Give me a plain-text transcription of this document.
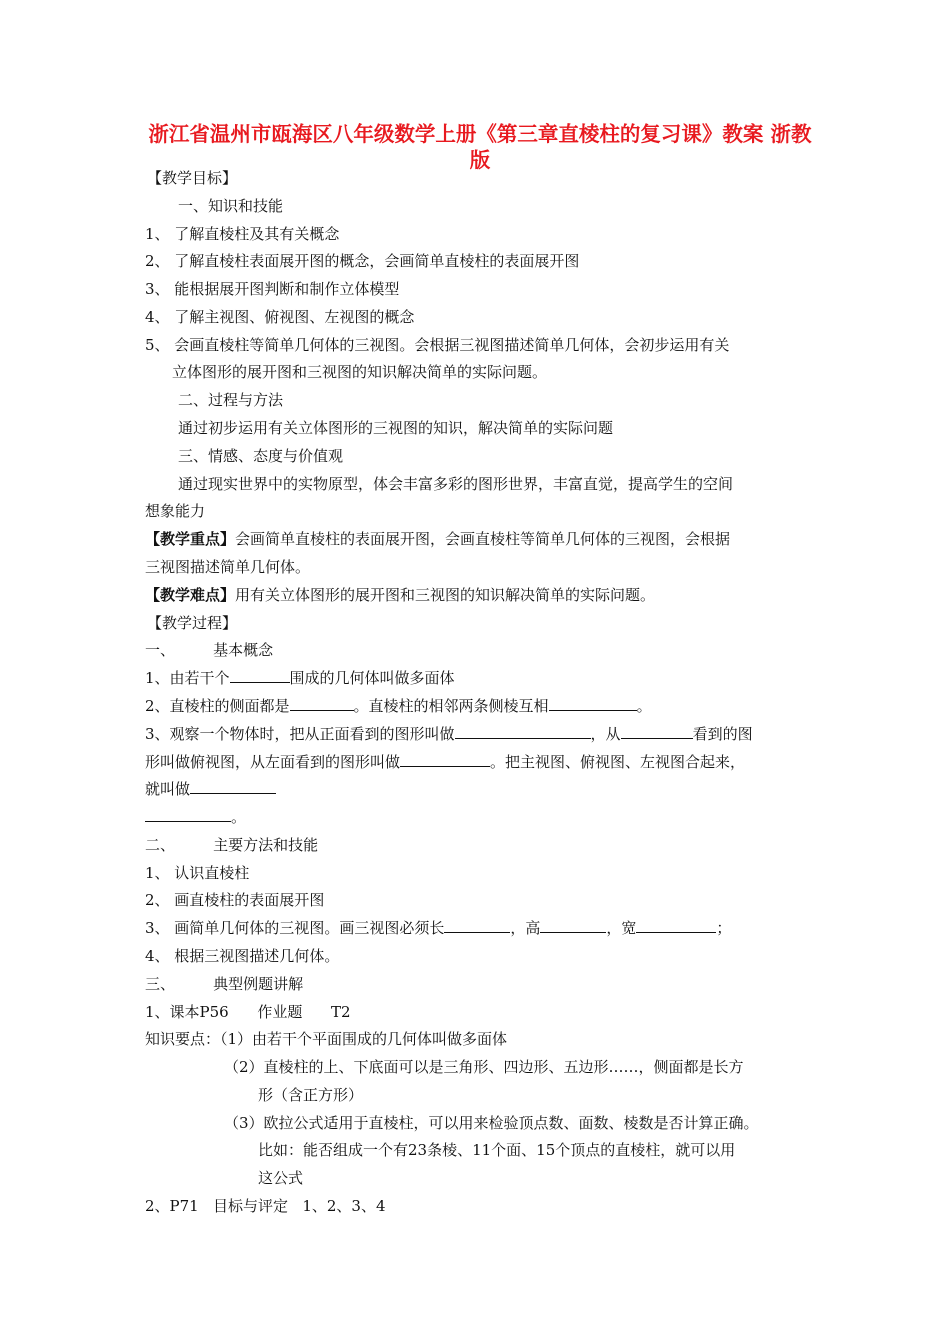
浙江省温州市瓯海区八年级数学上册《第三章直棱柱的复习课》教案 浙教版
【教学目标】
一、知识和技能
1、 了解直棱柱及其有关概念
2、 了解直棱柱表面展开图的概念，会画简单直棱柱的表面展开图
3、 能根据展开图判断和制作立体模型
4、 了解主视图、俯视图、左视图的概念
5、 会画直棱柱等简单几何体的三视图。会根据三视图描述简单几何体，会初步运用有关
立体图形的展开图和三视图的知识解决简单的实际问题。
二、过程与方法
通过初步运用有关立体图形的三视图的知识，解决简单的实际问题
三、情感、态度与价值观
通过现实世界中的实物原型，体会丰富多彩的图形世界，丰富直觉，提高学生的空间
想象能力
【教学重点】会画简单直棱柱的表面展开图，会画直棱柱等简单几何体的三视图，会根据
三视图描述简单几何体。
【教学难点】用有关立体图形的展开图和三视图的知识解决简单的实际问题。
【教学过程】
一、        基本概念
1、由若干个	围成的几何体叫做多面体
2、直棱柱的侧面都是	。直棱柱的相邻两条侧棱互相	。
3、观察一个物体时，把从正面看到的图形叫做	，从	看到的图
形叫做俯视图，从左面看到的图形叫做	。把主视图、俯视图、左视图合起来，
就叫做
。
二、        主要方法和技能
1、 认识直棱柱
2、 画直棱柱的表面展开图
3、 画简单几何体的三视图。画三视图必须长	，高	，宽	；
4、 根据三视图描述几何体。
三、        典型例题讲解
1、课本P56      作业题      T2
知识要点：（1）由若干个平面围成的几何体叫做多面体
（2）直棱柱的上、下底面可以是三角形、四边形、五边形……，侧面都是长方
形（含正方形）
（3）欧拉公式适用于直棱柱，可以用来检验顶点数、面数、棱数是否计算正确。
比如：能否组成一个有23条棱、11个面、15个顶点的直棱柱，就可以用
这公式
2、P71   目标与评定   1、2、3、4
